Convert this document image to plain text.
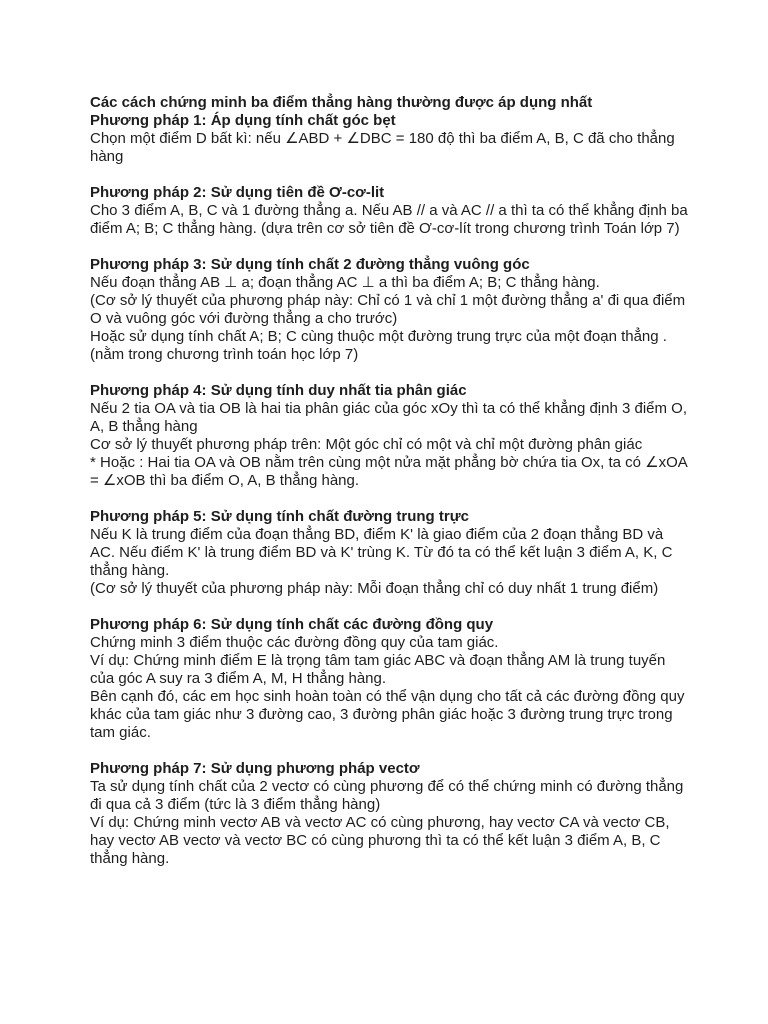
Các cách chứng minh ba điểm thẳng hàng thường được áp dụng nhất

Phương pháp 1: Áp dụng tính chất góc bẹt

Chọn một điểm D bất kì: nếu ∠ABD + ∠DBC = 180 độ thì ba điểm A, B, C đã cho thẳng hàng

Phương pháp 2: Sử dụng tiên đề Ơ-cơ-lit

Cho 3 điểm A, B, C và 1 đường thẳng a. Nếu AB // a và AC // a thì ta có thể khẳng định ba điểm A; B; C thẳng hàng. (dựa trên cơ sở tiên đề Ơ-cơ-lít trong chương trình Toán lớp 7)

Phương pháp 3: Sử dụng tính chất 2 đường thẳng vuông góc

Nếu đoạn thẳng AB ⊥ a; đoạn thẳng AC ⊥ a thì ba điểm A; B; C thẳng hàng.

(Cơ sở lý thuyết của phương pháp này: Chỉ có 1 và chỉ 1 một đường thẳng a' đi qua điểm O và vuông góc với đường thẳng a cho trước)

Hoặc sử dụng tính chất A; B; C cùng thuộc một đường trung trực của một đoạn thẳng . (nằm trong chương trình toán học lớp 7)

Phương pháp 4: Sử dụng tính duy nhất tia phân giác

Nếu 2 tia OA và tia OB là hai tia phân giác của góc xOy thì ta có thể khẳng định 3 điểm O, A, B thẳng hàng

Cơ sở lý thuyết phương pháp trên: Một góc chỉ có một và chỉ một đường phân giác

* Hoặc : Hai tia OA và OB nằm trên cùng một nửa mặt phẳng bờ chứa tia Ox, ta có ∠xOA = ∠xOB thì ba điểm O, A, B thẳng hàng.

Phương pháp 5: Sử dụng tính chất đường trung trực

Nếu K là trung điểm của đoạn thẳng BD, điểm K' là giao điểm của 2 đoạn thẳng BD và AC. Nếu điểm K' là trung điểm BD và K' trùng K. Từ đó ta có thể kết luận 3 điểm A, K, C thẳng hàng.

(Cơ sở lý thuyết của phương pháp này: Mỗi đoạn thẳng chỉ có duy nhất 1 trung điểm)

Phương pháp 6: Sử dụng tính chất các đường đồng quy

Chứng minh 3 điểm thuộc các đường đồng quy của tam giác.

Ví dụ: Chứng minh điểm E là trọng tâm tam giác ABC và đoạn thẳng AM là trung tuyến của góc A suy ra 3 điểm A, M, H thẳng hàng.

Bên cạnh đó, các em học sinh hoàn toàn có thể vận dụng cho tất cả các đường đồng quy khác của tam giác như 3 đường cao, 3 đường phân giác hoặc 3 đường trung trực trong tam giác.

Phương pháp 7: Sử dụng phương pháp vectơ

Ta sử dụng tính chất của 2 vectơ có cùng phương để có thể chứng minh có đường thẳng đi qua cả 3 điểm (tức là 3 điểm thẳng hàng)

Ví dụ: Chứng minh vectơ AB và vectơ AC có cùng phương, hay vectơ CA và vectơ CB, hay vectơ AB vectơ và vectơ BC có cùng phương thì ta có thể kết luận 3 điểm A, B, C thẳng hàng.
